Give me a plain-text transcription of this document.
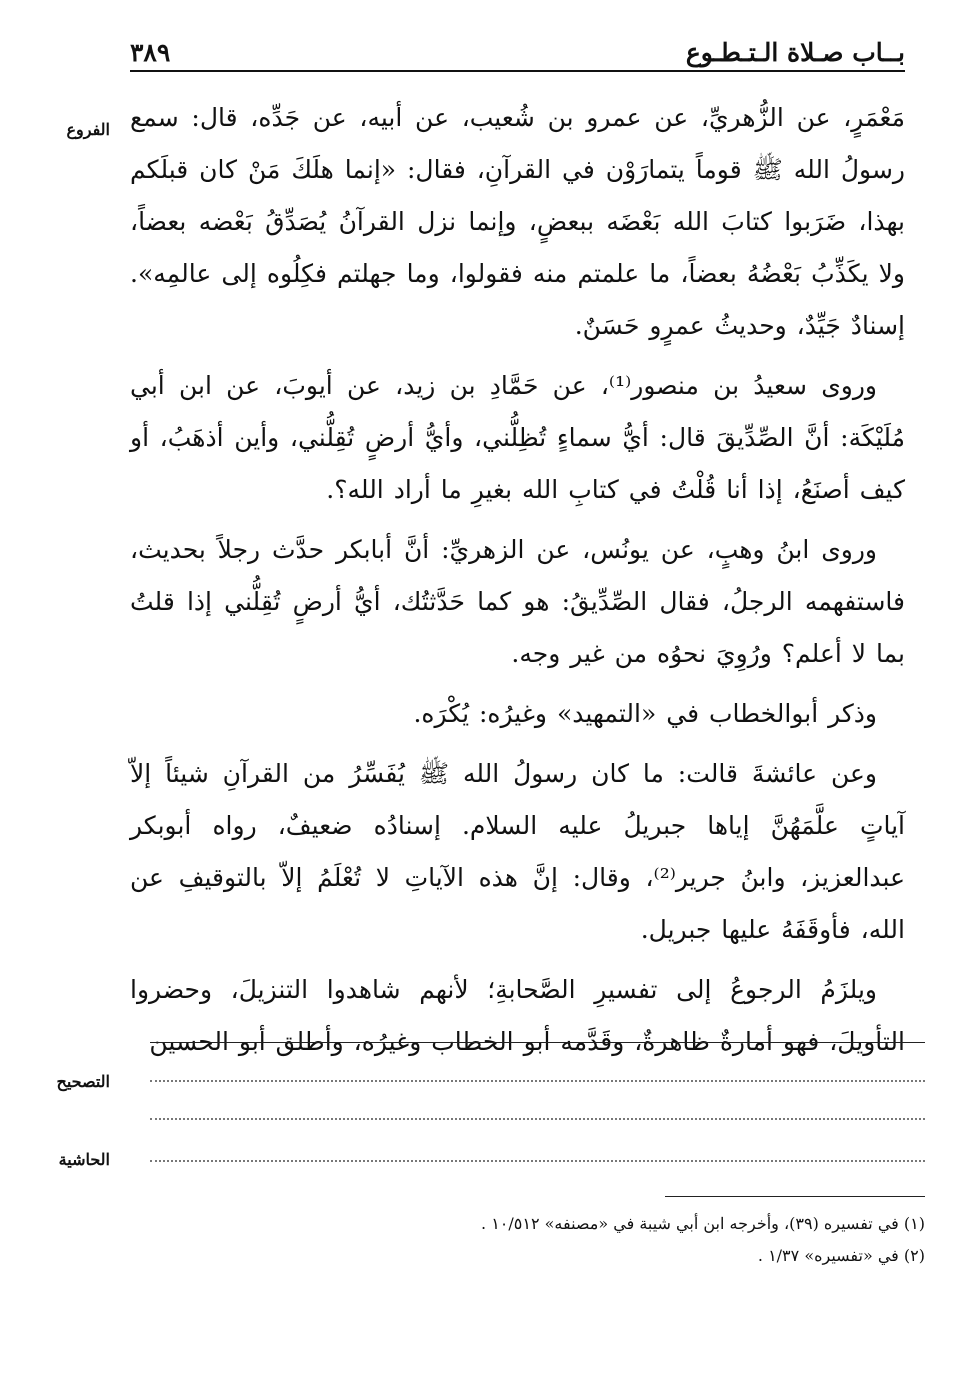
بــاب صـلاة الـتـطـوع
٣٨٩
الفروع مَعْمَرٍ، عن الزُّهريِّ، عن عمرو بن شُعيب، عن أبيه، عن جَدِّه، قال: سمع رسولُ الله ﷺ قوماً يتمارَوْن في القرآنِ، فقال: «إنما هلَكَ مَنْ كان قبلَكم بهذا، ضَرَبوا كتابَ الله بَعْضَه ببعضٍ، وإنما نزل القرآنُ يُصَدِّقُ بَعْضه بعضاً، ولا يكَذِّبُ بَعْضُهُ بعضاً، ما علمتم منه فقولوا، وما جهلتم فكِلُوه إلى عالمِه». إسنادٌ جَيِّدٌ، وحديثُ عمرٍو حَسَنٌ.

وروى سعيدُ بن منصور⁽¹⁾، عن حَمَّادِ بن زيد، عن أيوبَ، عن ابن أبي مُلَيْكَة: أنَّ الصِّدِّيقَ قال: أيُّ سماءٍ تُظِلُّني، وأيُّ أرضٍ تُقِلُّني، وأين أذهَبُ، أو كيف أصنَعُ، إذا أنا قُلْتُ في كتابِ الله بغيرِ ما أراد الله؟.

وروى ابنُ وهبٍ، عن يونُس، عن الزهريِّ: أنَّ أبابكر حدَّث رجلاً بحديث، فاستفهمه الرجلُ، فقال الصِّدِّيقُ: هو كما حَدَّثتُك، أيُّ أرضٍ تُقِلُّني إذا قلتُ بما لا أعلم؟ ورُوِيَ نحوُه من غير وجه.

وذكر أبوالخطاب في «التمهيد» وغيرُه: يُكْرَه.

وعن عائشةَ قالت: ما كان رسولُ الله ﷺ يُفَسِّرُ من القرآنِ شيئاً إلاّ آياتٍ علَّمَهُنَّ إياها جبريلُ عليه السلام. إسنادُه ضعيفٌ، رواه أبوبكر عبدالعزيز، وابنُ جرير⁽²⁾، وقال: إنَّ هذه الآياتِ لا تُعْلَمُ إلاّ بالتوقيفِ عن الله، فأوقَفَهُ عليها جبريل.

ويلزَمُ الرجوعُ إلى تفسيرِ الصَّحابةِ؛ لأنهم شاهدوا التنزيلَ، وحضروا التأويلَ، فهو أمارةٌ ظاهرةٌ، وقَدَّمه أبو الخطاب وغيرُه، وأطلق أبو الحسين

التصحيح
الحاشية
(١) في تفسيره (٣٩)، وأخرجه ابن أبي شيبة في «مصنفه» ١٠/٥١٢ .
(٢) في «تفسيره» ١/٣٧ .
